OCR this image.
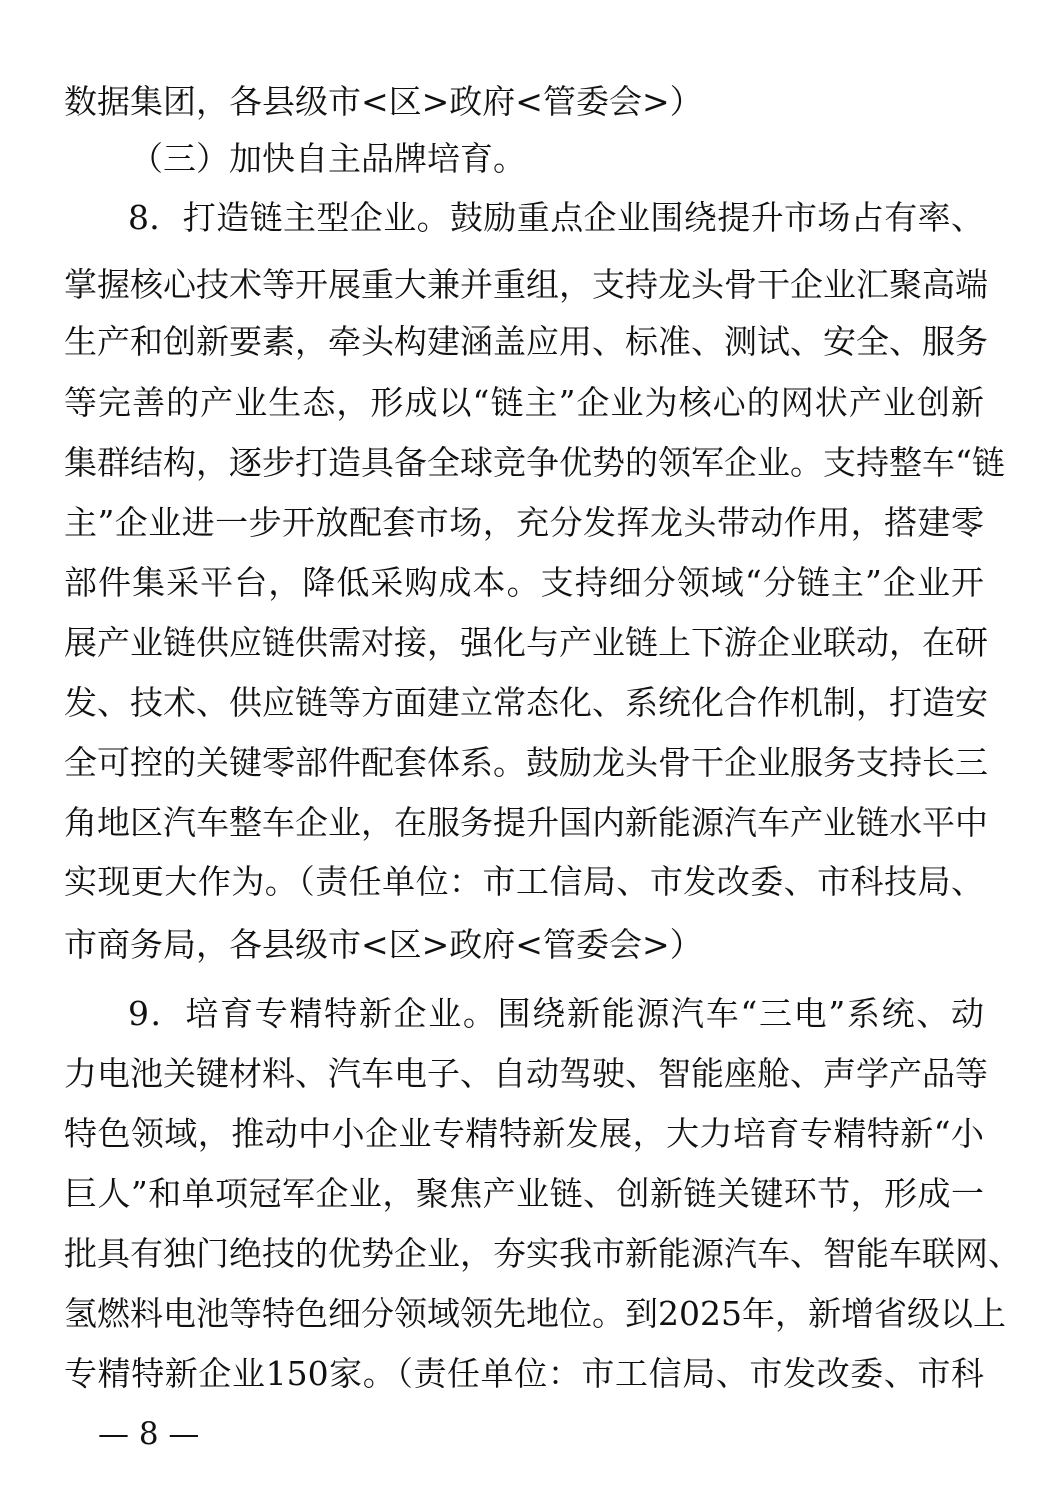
数据集团，各县级市<区>政府<管委会>）
（三）加快自主品牌培育。
8．打造链主型企业。鼓励重点企业围绕提升市场占有率、
掌握核心技术等开展重大兼并重组，支持龙头骨干企业汇聚高端
生产和创新要素，牵头构建涵盖应用、标准、测试、安全、服务
等完善的产业生态，形成以“链主”企业为核心的网状产业创新
集群结构，逐步打造具备全球竞争优势的领军企业。支持整车“链
主”企业进一步开放配套市场，充分发挥龙头带动作用，搭建零
部件集采平台，降低采购成本。支持细分领域“分链主”企业开
展产业链供应链供需对接，强化与产业链上下游企业联动，在研
发、技术、供应链等方面建立常态化、系统化合作机制，打造安
全可控的关键零部件配套体系。鼓励龙头骨干企业服务支持长三
角地区汽车整车企业，在服务提升国内新能源汽车产业链水平中
实现更大作为。（责任单位：市工信局、市发改委、市科技局、
市商务局，各县级市<区>政府<管委会>）
9．培育专精特新企业。围绕新能源汽车“三电”系统、动
力电池关键材料、汽车电子、自动驾驶、智能座舱、声学产品等
特色领域，推动中小企业专精特新发展，大力培育专精特新“小
巨人”和单项冠军企业，聚焦产业链、创新链关键环节，形成一
批具有独门绝技的优势企业，夯实我市新能源汽车、智能车联网、
氢燃料电池等特色细分领域领先地位。到2025年，新增省级以上
专精特新企业150家。（责任单位：市工信局、市发改委、市科
— 8 —
